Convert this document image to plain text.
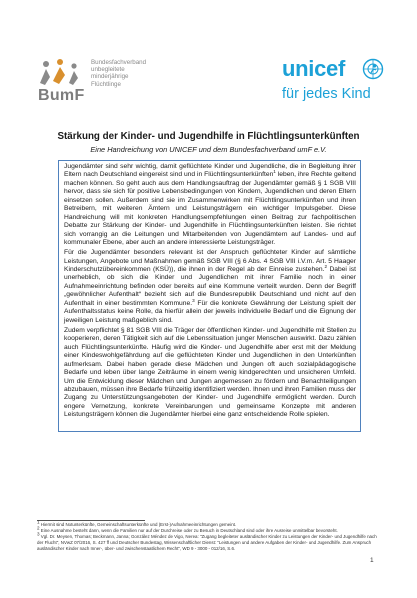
BumF
Bundesfachverband
unbegleitete
minderjährige
Flüchtlinge
unicef
für jedes Kind
Stärkung der Kinder- und Jugendhilfe in Flüchtlingsunterkünften
Eine Handreichung von UNICEF und dem Bundesfachverband umF e.V.

Jugendämter sind sehr wichtig, damit geflüchtete Kinder und Jugendliche, die in Begleitung ihrer Eltern nach Deutschland eingereist sind und in Flüchtlingsunterkünften$^1$ leben, ihre Rechte geltend machen können. So geht auch aus dem Handlungsauftrag der Jugendämter gemäß § 1 SGB VIII hervor, dass sie sich für positive Lebensbedingungen von Kindern, Jugendlichen und deren Eltern einsetzen sollen. Außerdem sind sie im Zusammenwirken mit Flüchtlingsunterkünften und ihren Betreibern, mit weiteren Ämtern und Leistungsträgern ein wichtiger Impulsgeber. Diese Handreichung will mit konkreten Handlungsempfehlungen einen Beitrag zur fachpolitischen Debatte zur Stärkung der Kinder- und Jugendhilfe in Flüchtlingsunterkünften leisten. Sie richtet sich vorrangig an die Leitungen und Mitarbeitenden von Jugendämtern auf Landes- und auf kommunaler Ebene, aber auch an andere interessierte Leistungsträger.

Für die Jugendämter besonders relevant ist der Anspruch geflüchteter Kinder auf sämtliche Leistungen, Angebote und Maßnahmen gemäß SGB VIII (§ 6 Abs. 4 SGB VIII i.V.m. Art. 5 Haager Kinderschutzübereinkommen (KSÜ)), die ihnen in der Regel ab der Einreise zustehen.$^2$ Dabei ist unerheblich, ob sich die Kinder und Jugendlichen mit ihrer Familie noch in einer Aufnahmeeinrichtung befinden oder bereits auf eine Kommune verteilt wurden. Denn der Begriff „gewöhnlicher Aufenthalt“ bezieht sich auf die Bundesrepublik Deutschland und nicht auf den Aufenthalt in einer bestimmten Kommune.$^3$ Für die konkrete Gewährung der Leistung spielt der Aufenthaltsstatus keine Rolle, da hierfür allein der jeweils individuelle Bedarf und die Eignung der jeweiligen Leistung maßgeblich sind.

Zudem verpflichtet § 81 SGB VIII die Träger der öffentlichen Kinder- und Jugendhilfe mit Stellen zu kooperieren, deren Tätigkeit sich auf die Lebenssituation junger Menschen auswirkt. Dazu zählen auch Flüchtlingsunterkünfte. Häufig wird die Kinder- und Jugendhilfe aber erst mit der Meldung einer Kindeswohlgefährdung auf die geflüchteten Kinder und Jugendlichen in den Unterkünften aufmerksam. Dabei haben gerade diese Mädchen und Jungen oft auch sozialpädagogische Bedarfe und leben über lange Zeiträume in einem wenig kindgerechten und unsicheren Umfeld. Um die Entwicklung dieser Mädchen und Jungen angemessen zu fördern und Benachteiligungen abzubauen, müssen ihre Bedarfe frühzeitig identifiziert werden. Ihnen und ihren Familien muss der Zugang zu Unterstützungsangeboten der Kinder- und Jugendhilfe ermöglicht werden. Durch engere Vernetzung, konkrete Vereinbarungen und gemeinsame Konzepte mit anderen Leistungsträgern können die Jugendämter hierbei eine ganz entscheidende Rolle spielen.

1 Hiermit sind Notunterkünfte, Gemeinschaftsunterkünfte und (Erst-)Aufnahmeeinrichtungen gemeint.

2 Eine Ausnahme besteht dann, wenn die Familien nur auf der Durchreise oder zu Besuch in Deutschland sind oder ihre Ausreise unmittelbar bevorsteht.

3 Vgl. Dr. Meysen, Thomas; Beckmann, Janna; González Méndez de Vigo, Nerea: "Zugang begleiteter ausländischer Kinder zu Leistungen der Kinder- und Jugendhilfe nach der Flucht", NVwZ 07/2016, S. 427 ff und Deutscher Bundestag, Wissenschaftlicher Dienst: "Leistungen und andere Aufgaben der Kinder- und Jugendhilfe. Zum Anspruch ausländischer Kinder nach Inner-, über- und zwischenstaatlichem Recht", WD 9 - 3000 - 012/16, S.6.

1
